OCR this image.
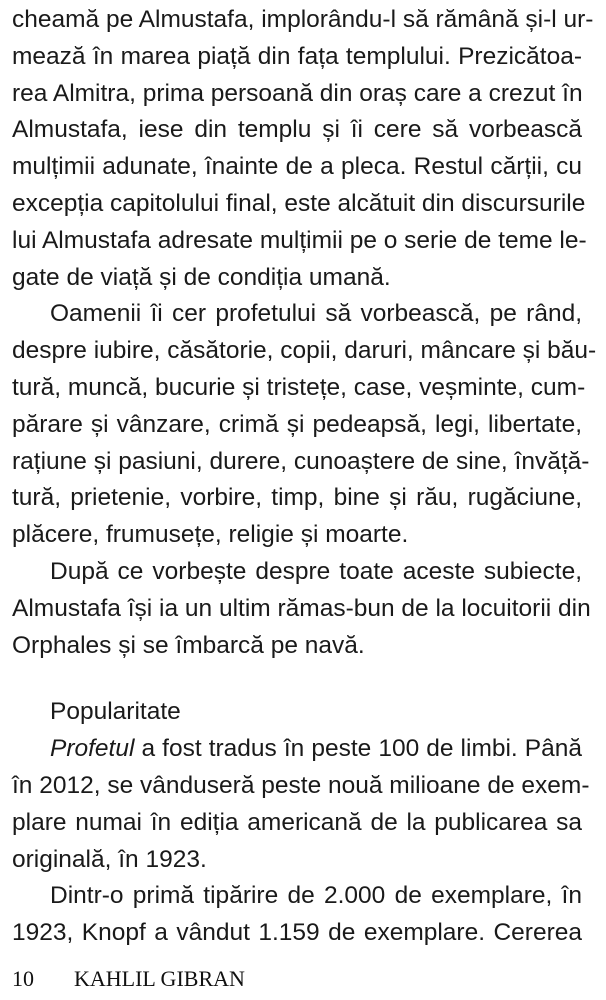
cheamă pe Almustafa, implorându-l să rămână și-l ur-
mează în marea piață din fața templului. Prezicătoa-
rea Almitra, prima persoană din oraș care a crezut în
Almustafa, iese din templu și îi cere să vorbească
mulțimii adunate, înainte de a pleca. Restul cărții, cu
excepția capitolului final, este alcătuit din discursurile
lui Almustafa adresate mulțimii pe o serie de teme le-
gate de viață și de condiția umană.
Oamenii îi cer profetului să vorbească, pe rând,
despre iubire, căsătorie, copii, daruri, mâncare și bău-
tură, muncă, bucurie și tristețe, case, veșminte, cum-
părare și vânzare, crimă și pedeapsă, legi, libertate,
rațiune și pasiuni, durere, cunoaștere de sine, învăță-
tură, prietenie, vorbire, timp, bine și rău, rugăciune,
plăcere, frumusețe, religie și moarte.
După ce vorbește despre toate aceste subiecte,
Almustafa își ia un ultim rămas-bun de la locuitorii din
Orphales și se îmbarcă pe navă.
Popularitate
Profetul a fost tradus în peste 100 de limbi. Până
în 2012, se vânduseră peste nouă milioane de exem-
plare numai în ediția americană de la publicarea sa
originală, în 1923.
Dintr-o primă tipărire de 2.000 de exemplare, în
1923, Knopf a vândut 1.159 de exemplare. Cererea
10 KAHLIL GIBRAN
